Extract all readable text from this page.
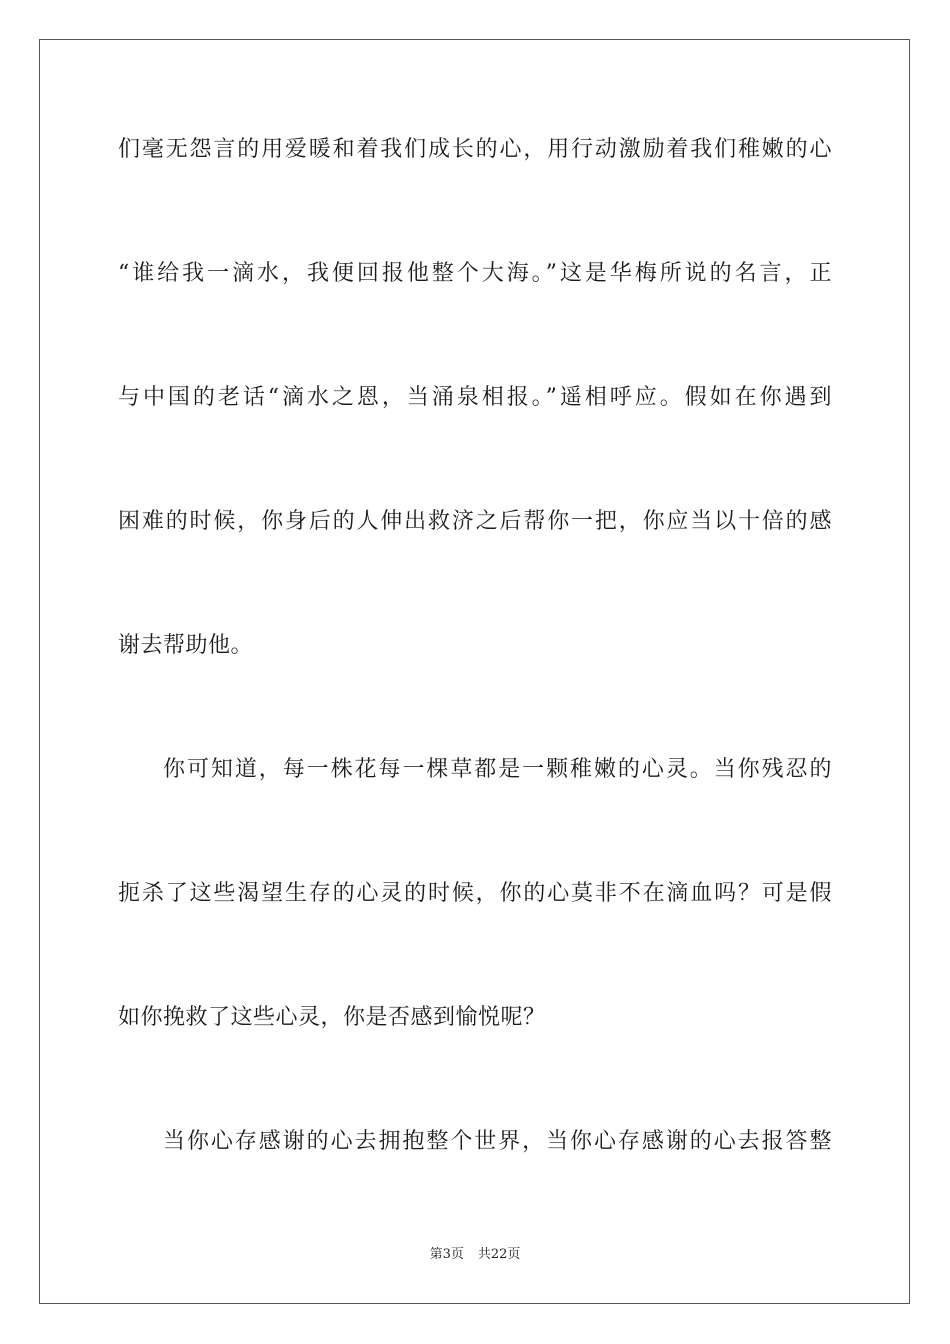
们毫无怨言的用爱暖和着我们成长的心，用行动激励着我们稚嫩的心
“谁给我一滴水，我便回报他整个大海。”这是华梅所说的名言，正
与中国的老话“滴水之恩，当涌泉相报。”遥相呼应。假如在你遇到
困难的时候，你身后的人伸出救济之后帮你一把，你应当以十倍的感
谢去帮助他。
你可知道，每一株花每一棵草都是一颗稚嫩的心灵。当你残忍的
扼杀了这些渴望生存的心灵的时候，你的心莫非不在滴血吗？可是假
如你挽救了这些心灵，你是否感到愉悦呢？
当你心存感谢的心去拥抱整个世界，当你心存感谢的心去报答整
第3页 共22页
